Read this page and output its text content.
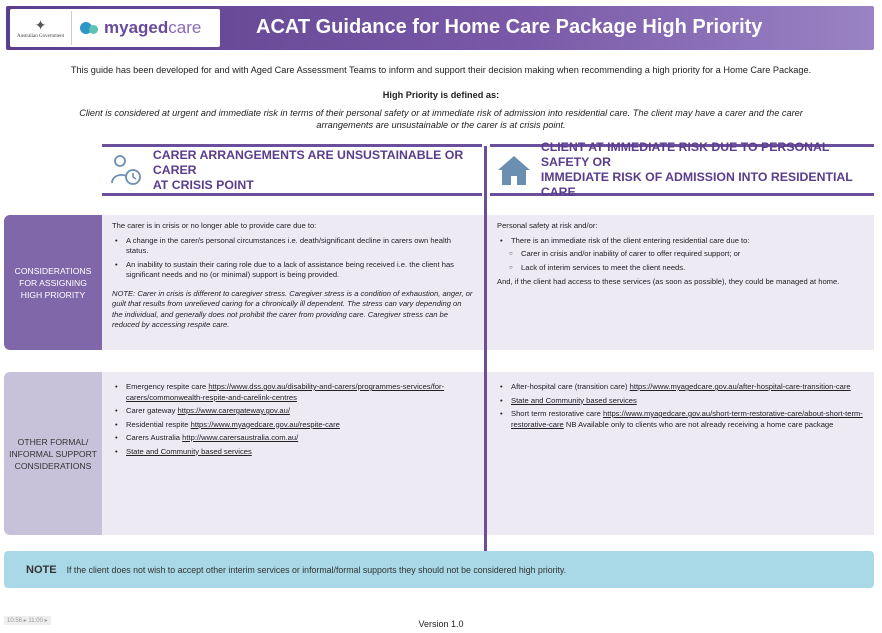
✦
Australian Government myagedcare	ACAT Guidance for Home Care Package High Priority
This guide has been developed for and with Aged Care Assessment Teams to inform and support their decision making when recommending a high priority for a Home Care Package.
High Priority is defined as:
Client is considered at urgent and immediate risk in terms of their personal safety or at immediate risk of admission into residential care. The client may have a carer and the carer arrangements are unsustainable or the carer is at crisis point.
CARER ARRANGEMENTS ARE UNSUSTAINABLE OR CARER
AT CRISIS POINT
CLIENT AT IMMEDIATE RISK DUE TO PERSONAL SAFETY OR
IMMEDIATE RISK OF ADMISSION INTO RESIDENTIAL CARE
CONSIDERATIONS
FOR ASSIGNING
HIGH PRIORITY

The carer is in crisis or no longer able to provide care due to:

• A change in the carer/s personal circumstances i.e. death/significant decline in carers own health status.
• An inability to sustain their caring role due to a lack of assistance being received i.e. the client has significant needs and no (or minimal) support is being provided.

NOTE: Carer in crisis is different to caregiver stress. Caregiver stress is a condition of exhaustion, anger, or guilt that results from unrelieved caring for a chronically ill dependent. The stress can vary depending on the individual, and generally does not prohibit the carer from providing care. Caregiver stress can be reduced by accessing respite care.

Personal safety at risk and/or:

• There is an immediate risk of the client entering residential care due to:
○ Carer in crisis and/or inability of carer to offer required support; or
○ Lack of interim services to meet the client needs.

And, if the client had access to these services (as soon as possible), they could be managed at home.

OTHER FORMAL/
INFORMAL SUPPORT
CONSIDERATIONS
• Emergency respite care https://www.dss.gov.au/disability-and-carers/programmes-services/for-carers/commonwealth-respite-and-carelink-centres
• Carer gateway https://www.carergateway.gov.au/
• Residential respite https://www.myagedcare.gov.au/respite-care
• Carers Australia http://www.carersaustralia.com.au/
• State and Community based services
• After-hospital care (transition care) https://www.myagedcare.gov.au/after-hospital-care-transition-care
• State and Community based services
• Short term restorative care https://www.myagedcare.gov.au/short-term-restorative-care/about-short-term-restorative-care NB Available only to clients who are not already receiving a home care package
NOTE If the client does not wish to accept other interim services or informal/formal supports they should not be considered high priority.
10:56 ▸ 11:00 ▸	Version 1.0
